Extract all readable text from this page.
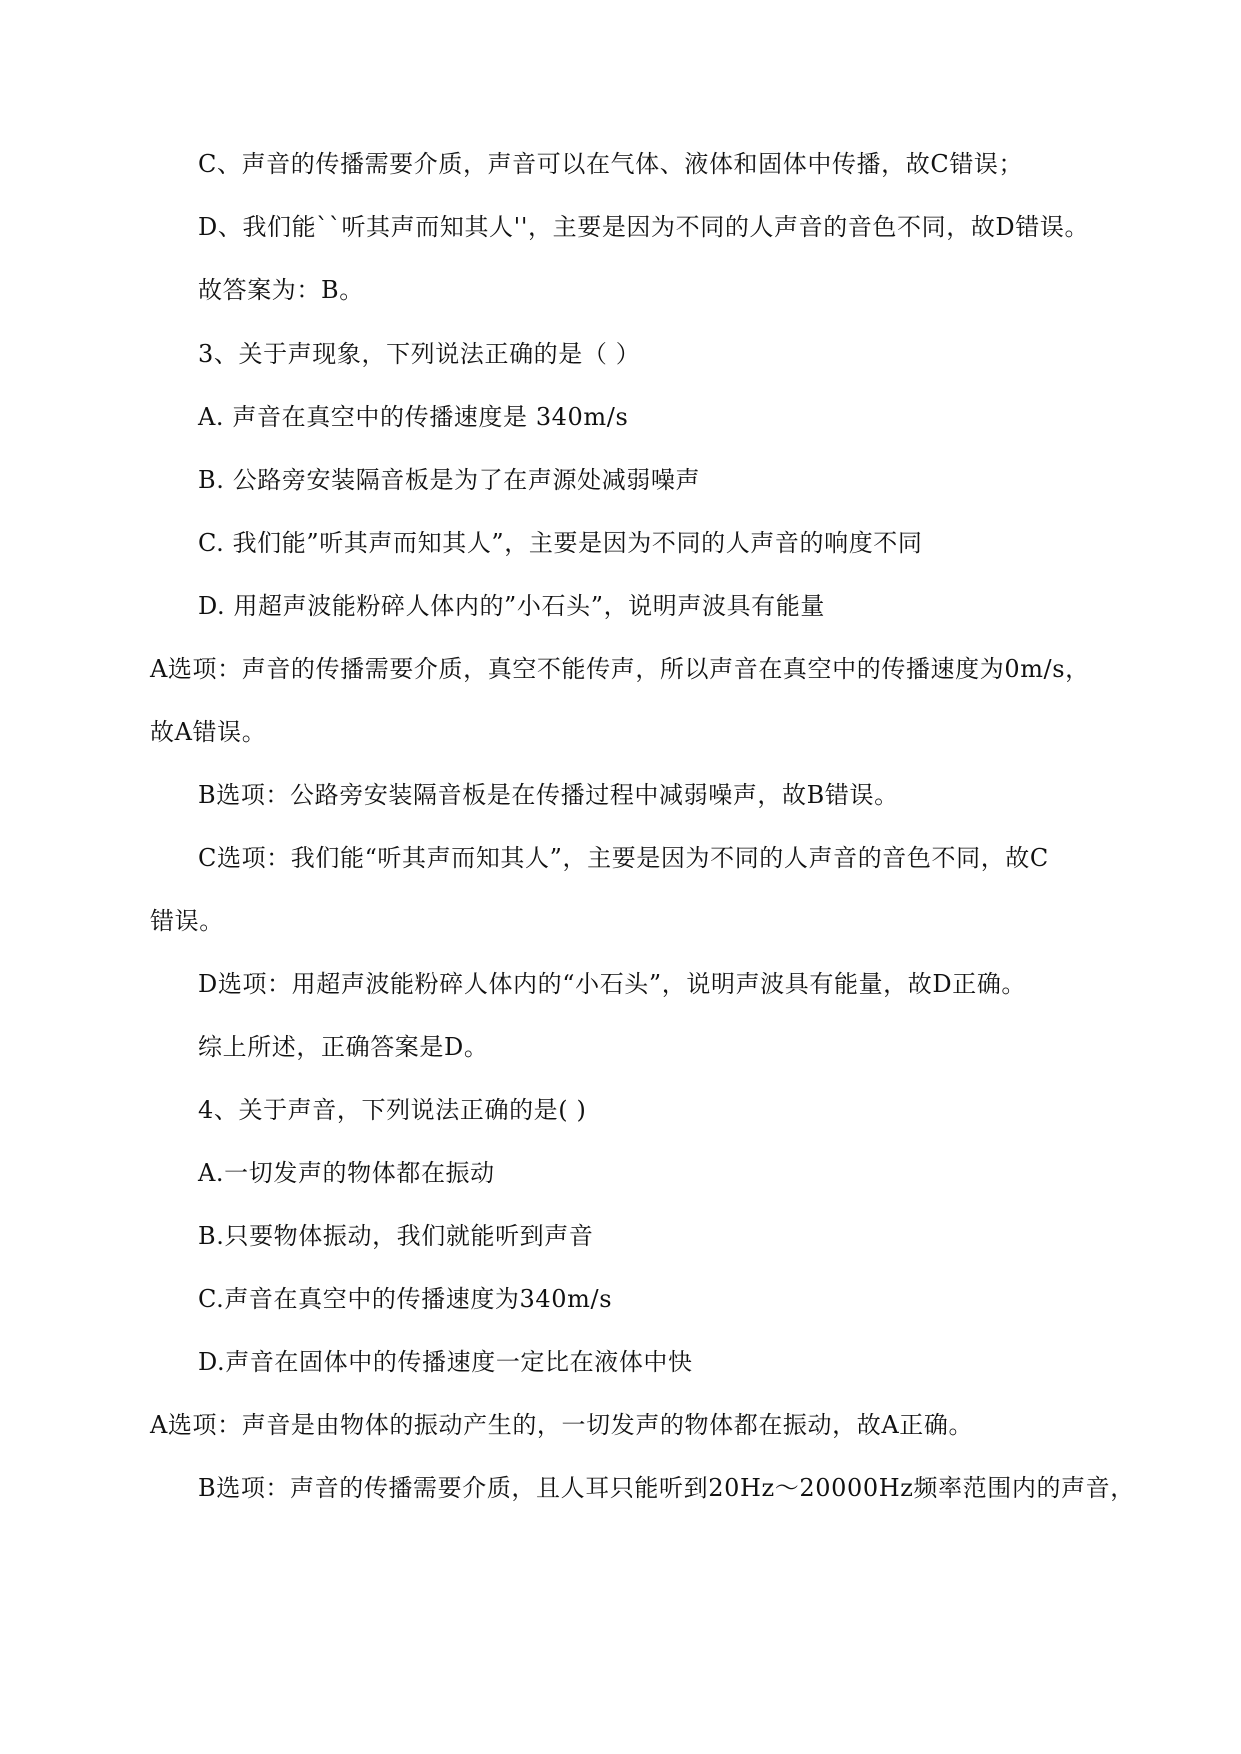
C、声音的传播需要介质，声音可以在气体、液体和固体中传播，故C错误；
D、我们能``听其声而知其人''，主要是因为不同的人声音的音色不同，故D错误。
故答案为：B。
3、关于声现象，下列说法正确的是（ ）
A. 声音在真空中的传播速度是 340m/s
B. 公路旁安装隔音板是为了在声源处减弱噪声
C. 我们能”听其声而知其人”，主要是因为不同的人声音的响度不同
D. 用超声波能粉碎人体内的”小石头”，说明声波具有能量
A选项：声音的传播需要介质，真空不能传声，所以声音在真空中的传播速度为0m/s，
故A错误。
B选项：公路旁安装隔音板是在传播过程中减弱噪声，故B错误。
C选项：我们能“听其声而知其人”，主要是因为不同的人声音的音色不同，故C
错误。
D选项：用超声波能粉碎人体内的“小石头”，说明声波具有能量，故D正确。
综上所述，正确答案是D。
4、关于声音，下列说法正确的是( )
A.一切发声的物体都在振动
B.只要物体振动，我们就能听到声音
C.声音在真空中的传播速度为340m/s
D.声音在固体中的传播速度一定比在液体中快
A选项：声音是由物体的振动产生的，一切发声的物体都在振动，故A正确。
B选项：声音的传播需要介质，且人耳只能听到20Hz～20000Hz频率范围内的声音，
